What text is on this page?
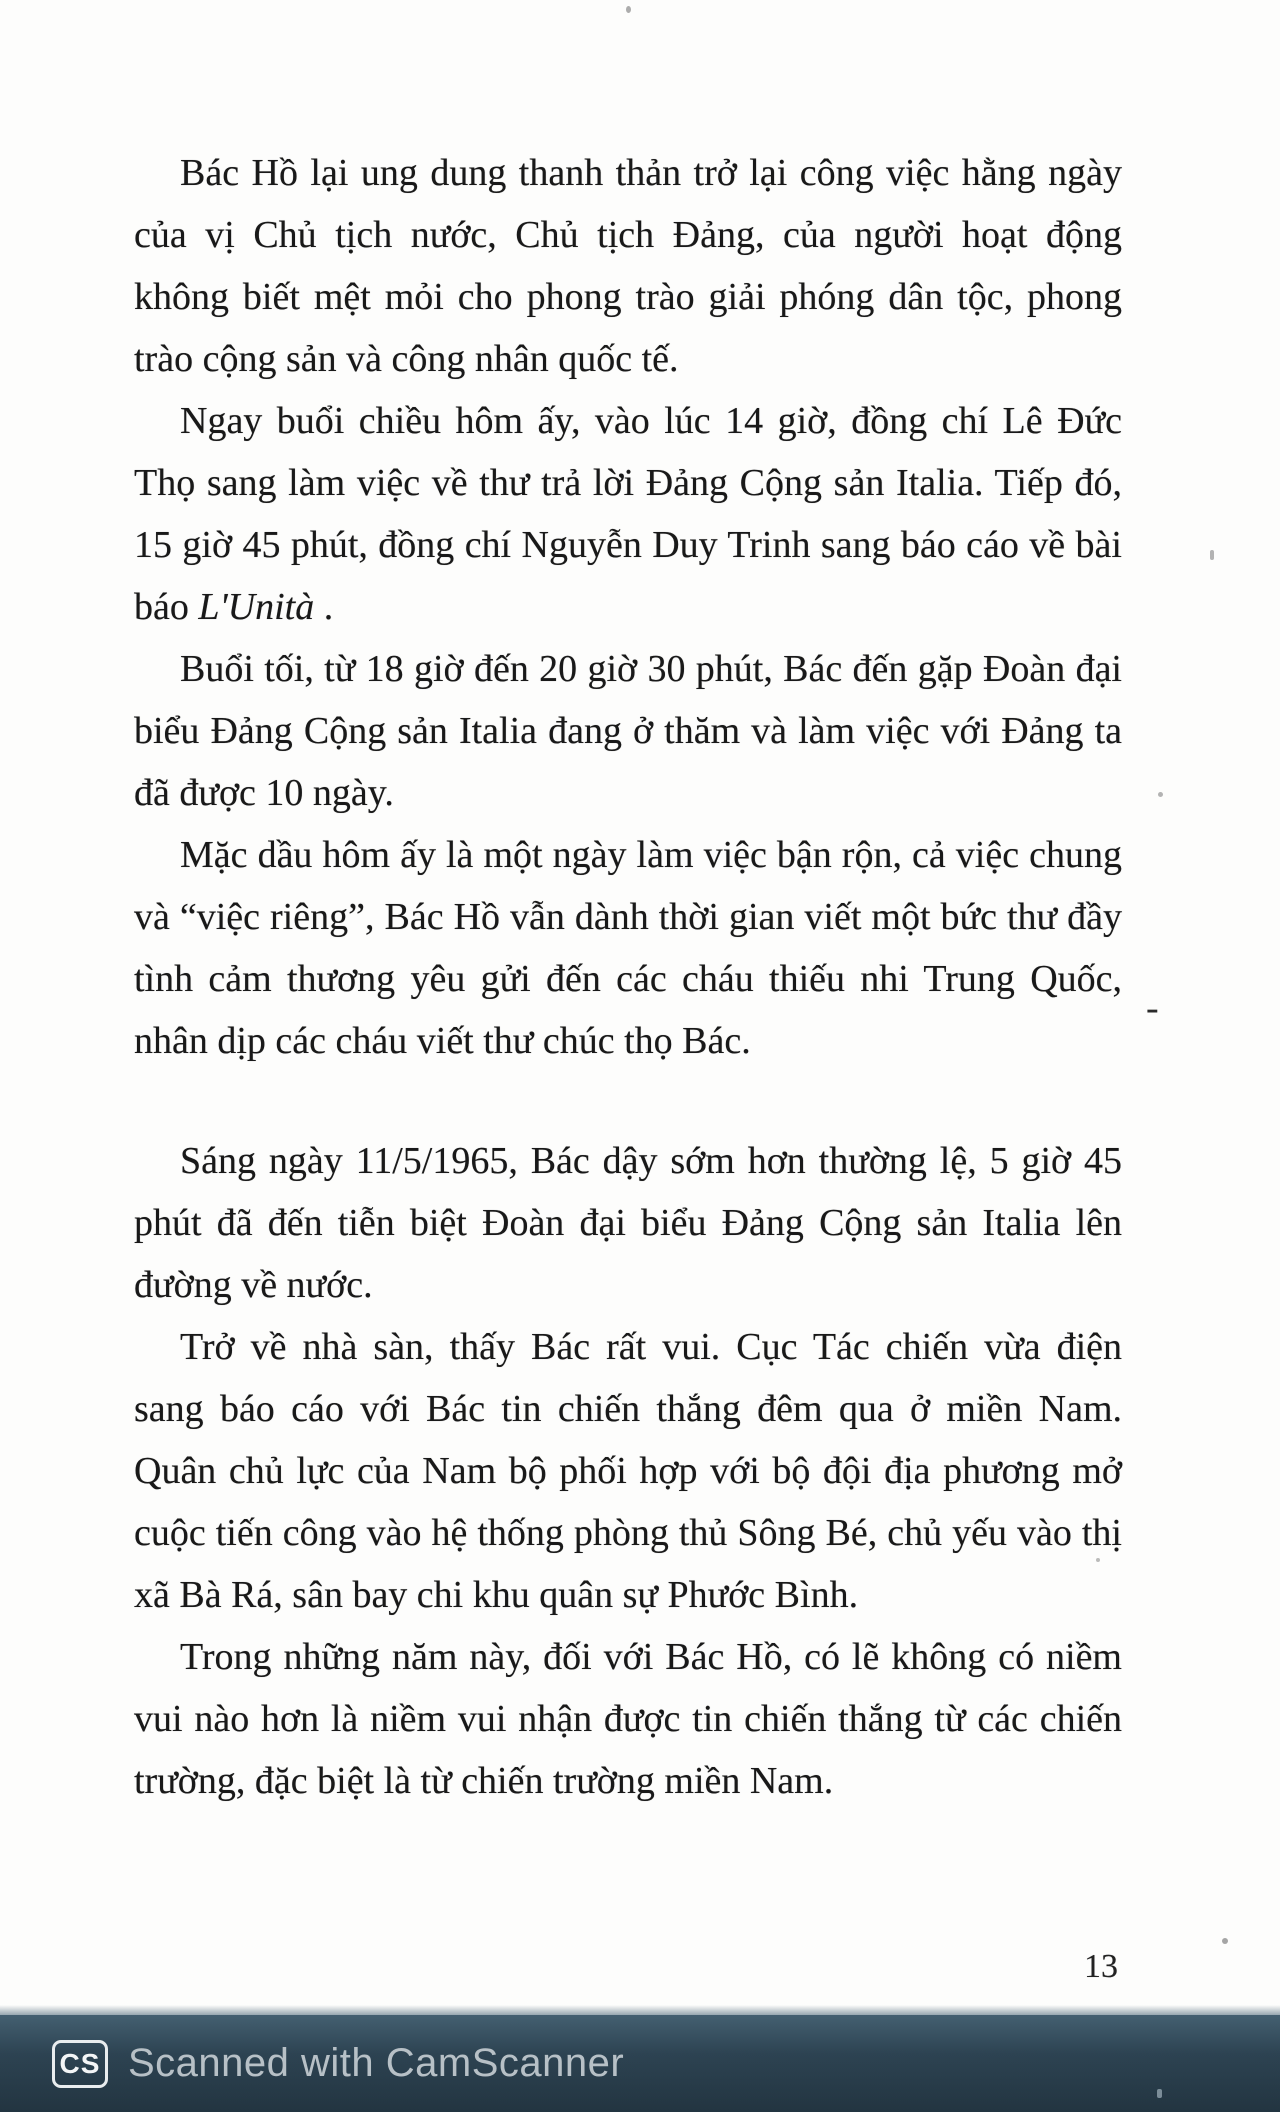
Bác Hồ lại ung dung thanh thản trở lại công việc hằng ngày của vị Chủ tịch nước, Chủ tịch Đảng, của người hoạt động không biết mệt mỏi cho phong trào giải phóng dân tộc, phong trào cộng sản và công nhân quốc tế.

Ngay buổi chiều hôm ấy, vào lúc 14 giờ, đồng chí Lê Đức Thọ sang làm việc về thư trả lời Đảng Cộng sản Italia. Tiếp đó, 15 giờ 45 phút, đồng chí Nguyễn Duy Trinh sang báo cáo về bài báo L'Unità .

Buổi tối, từ 18 giờ đến 20 giờ 30 phút, Bác đến gặp Đoàn đại biểu Đảng Cộng sản Italia đang ở thăm và làm việc với Đảng ta đã được 10 ngày.

Mặc dầu hôm ấy là một ngày làm việc bận rộn, cả việc chung và “việc riêng”, Bác Hồ vẫn dành thời gian viết một bức thư đầy tình cảm thương yêu gửi đến các cháu thiếu nhi Trung Quốc, nhân dịp các cháu viết thư chúc thọ Bác.

Sáng ngày 11/5/1965, Bác dậy sớm hơn thường lệ, 5 giờ 45 phút đã đến tiễn biệt Đoàn đại biểu Đảng Cộng sản Italia lên đường về nước.

Trở về nhà sàn, thấy Bác rất vui. Cục Tác chiến vừa điện sang báo cáo với Bác tin chiến thắng đêm qua ở miền Nam. Quân chủ lực của Nam bộ phối hợp với bộ đội địa phương mở cuộc tiến công vào hệ thống phòng thủ Sông Bé, chủ yếu vào thị xã Bà Rá, sân bay chi khu quân sự Phước Bình.

Trong những năm này, đối với Bác Hồ, có lẽ không có niềm vui nào hơn là niềm vui nhận được tin chiến thắng từ các chiến trường, đặc biệt là từ chiến trường miền Nam.

-
13
CS Scanned with CamScanner
